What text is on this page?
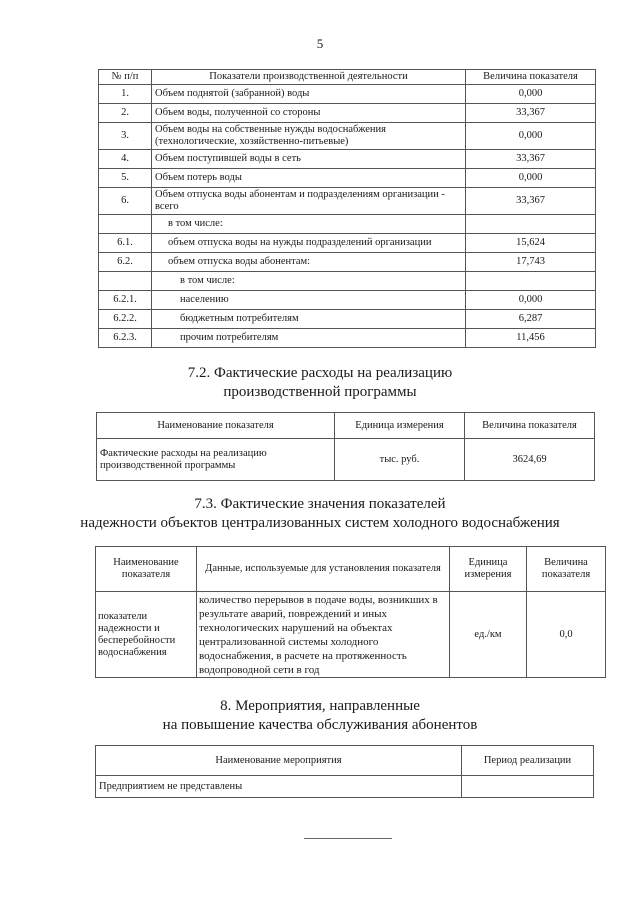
5
№ п/п	Показатели производственной деятельности	Величина показателя
1.	Объем поднятой (забранной) воды	0,000
2.	Объем воды, полученной со стороны	33,367
3.	Объем воды на собственные нужды водоснабжения (технологические, хозяйственно-питьевые)	0,000
4.	Объем поступившей воды в сеть	33,367
5.	Объем потерь воды	0,000
6.	Объем отпуска воды абонентам и подразделениям организации - всего	33,367
	в том числе:	
6.1.	объем отпуска воды на нужды подразделений организации	15,624
6.2.	объем отпуска воды абонентам:	17,743
	в том числе:	
6.2.1.	населению	0,000
6.2.2.	бюджетным потребителям	6,287
6.2.3.	прочим потребителям	11,456
7.2. Фактические расходы на реализацию
производственной программы
Наименование показателя	Единица измерения	Величина показателя
Фактические расходы на реализацию производственной программы	тыс. руб.	3624,69
7.3. Фактические значения показателей
надежности объектов централизованных систем холодного водоснабжения
Наименование показателя	Данные, используемые для установления показателя	Единица измерения	Величина показателя
показатели надежности и бесперебойности водоснабжения	количество перерывов в подаче воды, возникших в результате аварий, повреждений и иных технологических нарушений на объектах централизованной системы холодного водоснабжения, в расчете на протяженность водопроводной сети в год	ед./км	0,0
8. Мероприятия, направленные
на повышение качества обслуживания абонентов
Наименование мероприятия	Период реализации
Предприятием не представлены	
